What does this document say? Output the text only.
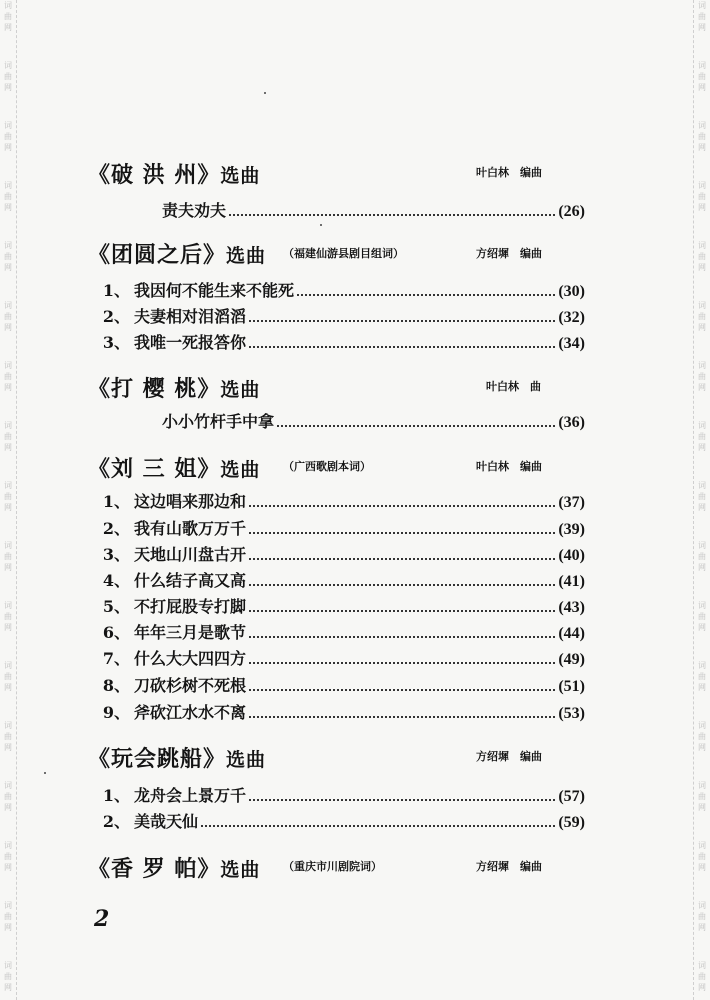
词
曲
网
词
曲
网
词
曲
网
词
曲
网
词
曲
网
词
曲
网
词
曲
网
词
曲
网
词
曲
网
词
曲
网
词
曲
网
词
曲
网
词
曲
网
词
曲
网
词
曲
网
词
曲
网
词
曲
网
词
曲
网
词
曲
网
词
曲
网
词
曲
网
词
曲
网
词
曲
网
词
曲
网
词
曲
网
词
曲
网
词
曲
网
词
曲
网
词
曲
网
词
曲
网
词
曲
网
词
曲
网
词
曲
网
词
曲
网
《破 洪 州》选曲	叶白林　编曲
责夫劝夫	(26)
《团圆之后》选曲 （福建仙游县剧目组词）	方绍墀　编曲
1、 我因何不能生来不能死	(30)
2、 夫妻相对泪滔滔	(32)
3、 我唯一死报答你	(34)
《打 樱 桃》选曲	叶白林　曲
小小竹杆手中拿	(36)
《刘 三 姐》选曲 （广西歌剧本词）	叶白林　编曲
1、 这边唱来那边和	(37)
2、 我有山歌万万千	(39)
3、 天地山川盘古开	(40)
4、 什么结子高又高	(41)
5、 不打屁股专打脚	(43)
6、 年年三月是歌节	(44)
7、 什么大大四四方	(49)
8、 刀砍杉树不死根	(51)
9、 斧砍江水水不离	(53)
《玩会跳船》选曲	方绍墀　编曲
1、 龙舟会上景万千	(57)
2、 美哉天仙	(59)
《香 罗 帕》选曲 （重庆市川剧院词）	方绍墀　编曲
2
